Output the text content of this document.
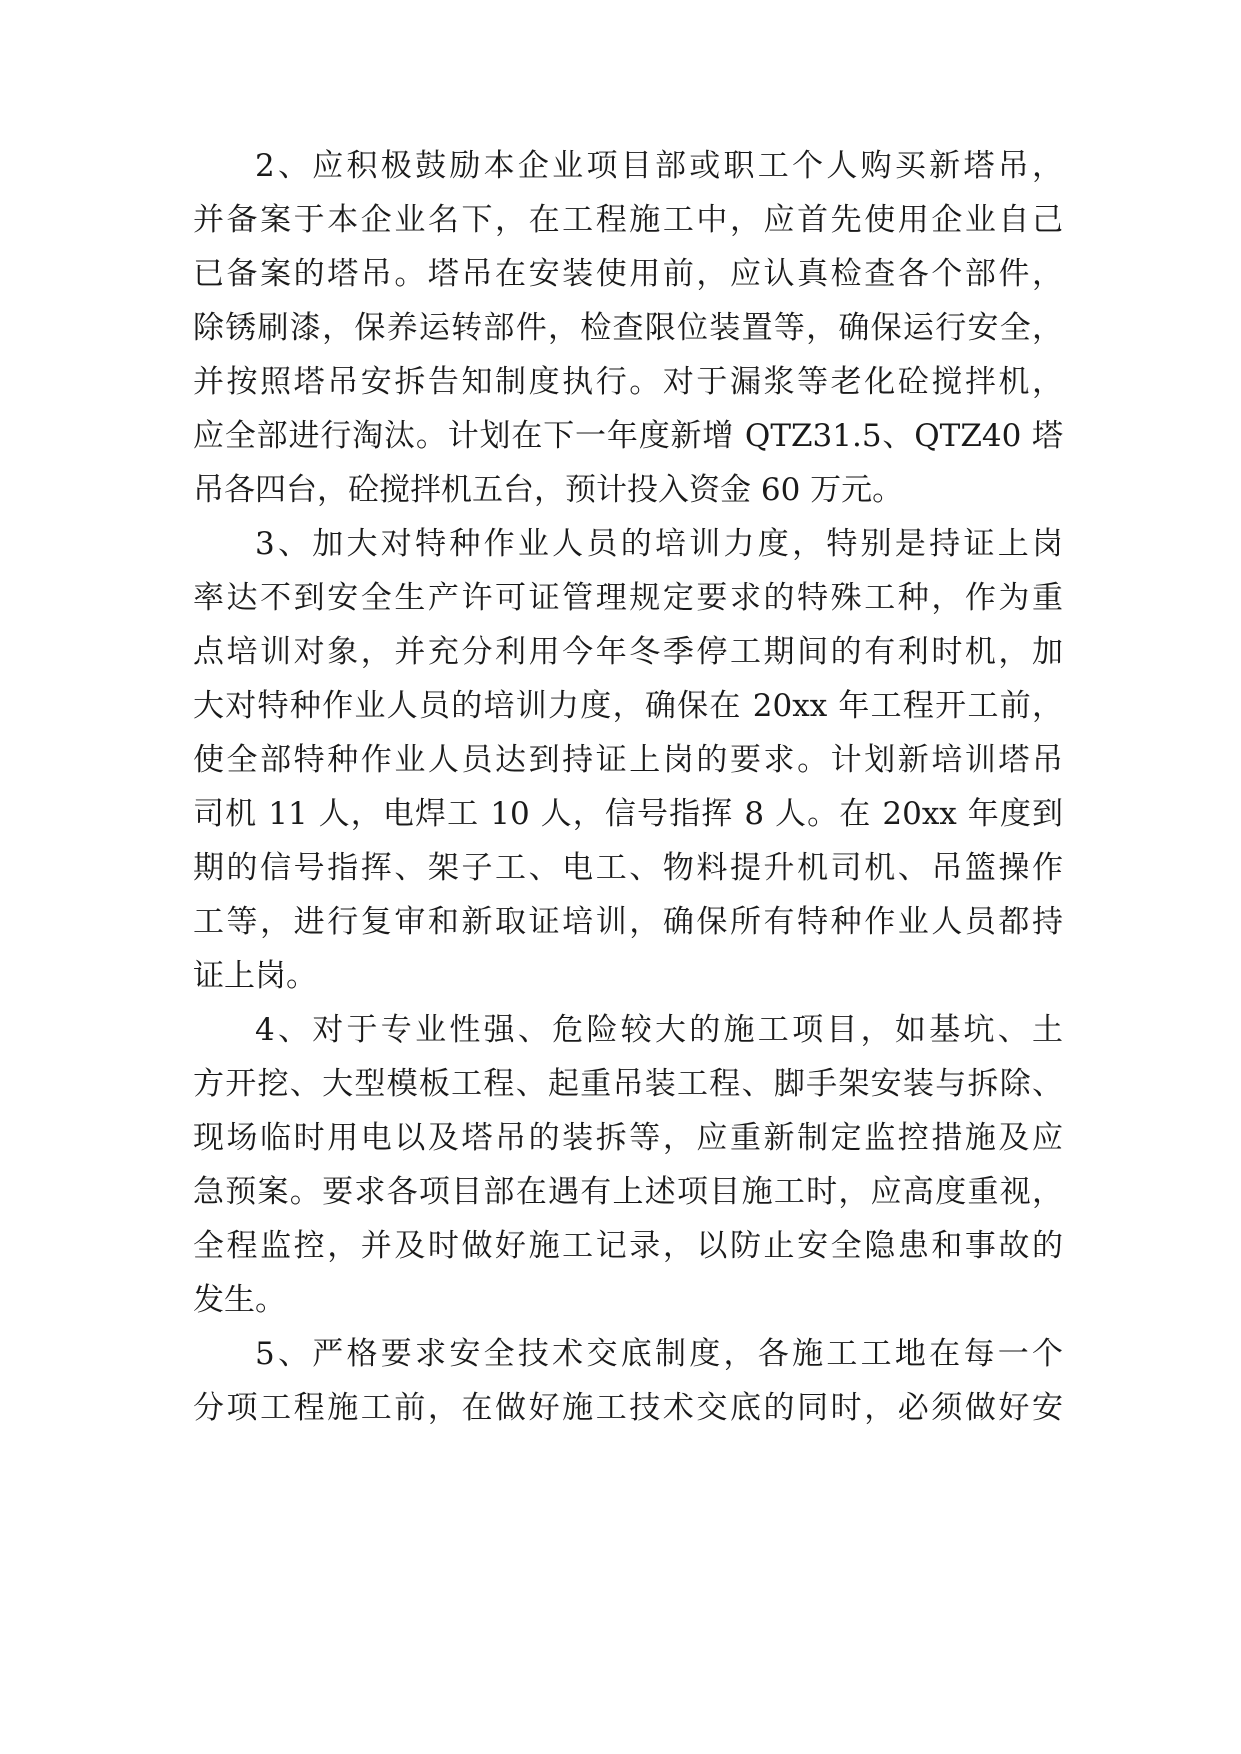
2、应积极鼓励本企业项目部或职工个人购买新塔吊，
并备案于本企业名下，在工程施工中，应首先使用企业自己
已备案的塔吊。塔吊在安装使用前，应认真检查各个部件，
除锈刷漆，保养运转部件，检查限位装置等，确保运行安全，
并按照塔吊安拆告知制度执行。对于漏浆等老化砼搅拌机，
应全部进行淘汰。计划在下一年度新增 QTZ31.5、QTZ40 塔
吊各四台，砼搅拌机五台，预计投入资金 60 万元。
3、加大对特种作业人员的培训力度，特别是持证上岗
率达不到安全生产许可证管理规定要求的特殊工种，作为重
点培训对象，并充分利用今年冬季停工期间的有利时机，加
大对特种作业人员的培训力度，确保在 20xx 年工程开工前，
使全部特种作业人员达到持证上岗的要求。计划新培训塔吊
司机 11 人，电焊工 10 人，信号指挥 8 人。在 20xx 年度到
期的信号指挥、架子工、电工、物料提升机司机、吊篮操作
工等，进行复审和新取证培训，确保所有特种作业人员都持
证上岗。
4、对于专业性强、危险较大的施工项目，如基坑、土
方开挖、大型模板工程、起重吊装工程、脚手架安装与拆除、
现场临时用电以及塔吊的装拆等，应重新制定监控措施及应
急预案。要求各项目部在遇有上述项目施工时，应高度重视，
全程监控，并及时做好施工记录，以防止安全隐患和事故的
发生。
5、严格要求安全技术交底制度，各施工工地在每一个
分项工程施工前，在做好施工技术交底的同时，必须做好安
